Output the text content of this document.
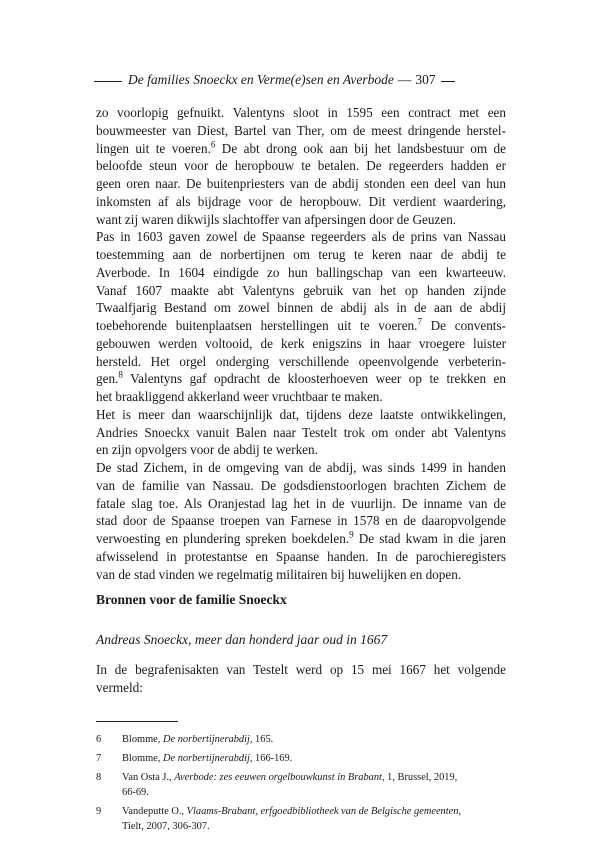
De families Snoeckx en Verme(e)sen en Averbode — 307
zo voorlopig gefnuikt. Valentyns sloot in 1595 een contract met een
bouwmeester van Diest, Bartel van Ther, om de meest dringende herstel-
lingen uit te voeren.$^6$ De abt drong ook aan bij het landsbestuur om de
beloofde steun voor de heropbouw te betalen. De regeerders hadden er
geen oren naar. De buitenpriesters van de abdij stonden een deel van hun
inkomsten af als bijdrage voor de heropbouw. Dit verdient waardering,
want zij waren dikwijls slachtoffer van afpersingen door de Geuzen.
Pas in 1603 gaven zowel de Spaanse regeerders als de prins van Nassau
toestemming aan de norbertijnen om terug te keren naar de abdij te
Averbode. In 1604 eindigde zo hun ballingschap van een kwarteeuw.
Vanaf 1607 maakte abt Valentyns gebruik van het op handen zijnde
Twaalfjarig Bestand om zowel binnen de abdij als in de aan de abdij
toebehorende buitenplaatsen herstellingen uit te voeren.$^7$ De convents-
gebouwen werden voltooid, de kerk enigszins in haar vroegere luister
hersteld. Het orgel onderging verschillende opeenvolgende verbeterin-
gen.$^8$ Valentyns gaf opdracht de kloosterhoeven weer op te trekken en
het braakliggend akkerland weer vruchtbaar te maken.
Het is meer dan waarschijnlijk dat, tijdens deze laatste ontwikkelingen,
Andries Snoeckx vanuit Balen naar Testelt trok om onder abt Valentyns
en zijn opvolgers voor de abdij te werken.
De stad Zichem, in de omgeving van de abdij, was sinds 1499 in handen
van de familie van Nassau. De godsdienstoorlogen brachten Zichem de
fatale slag toe. Als Oranjestad lag het in de vuurlijn. De inname van de
stad door de Spaanse troepen van Farnese in 1578 en de daaropvolgende
verwoesting en plundering spreken boekdelen.$^9$ De stad kwam in die jaren
afwisselend in protestantse en Spaanse handen. In de parochieregisters
van de stad vinden we regelmatig militairen bij huwelijken en dopen.
Bronnen voor de familie Snoeckx
Andreas Snoeckx, meer dan honderd jaar oud in 1667
In de begrafenisakten van Testelt werd op 15 mei 1667 het volgende
vermeld:
6 Blomme, De norbertijnerabdij, 165.
7 Blomme, De norbertijnerabdij, 166-169.
8 Van Osta J., Averbode: zes eeuwen orgelbouwkunst in Brabant, 1, Brussel, 2019,
66-69.
9 Vandeputte O., Vlaams-Brabant, erfgoedbibliotheek van de Belgische gemeenten,
Tielt, 2007, 306-307.
